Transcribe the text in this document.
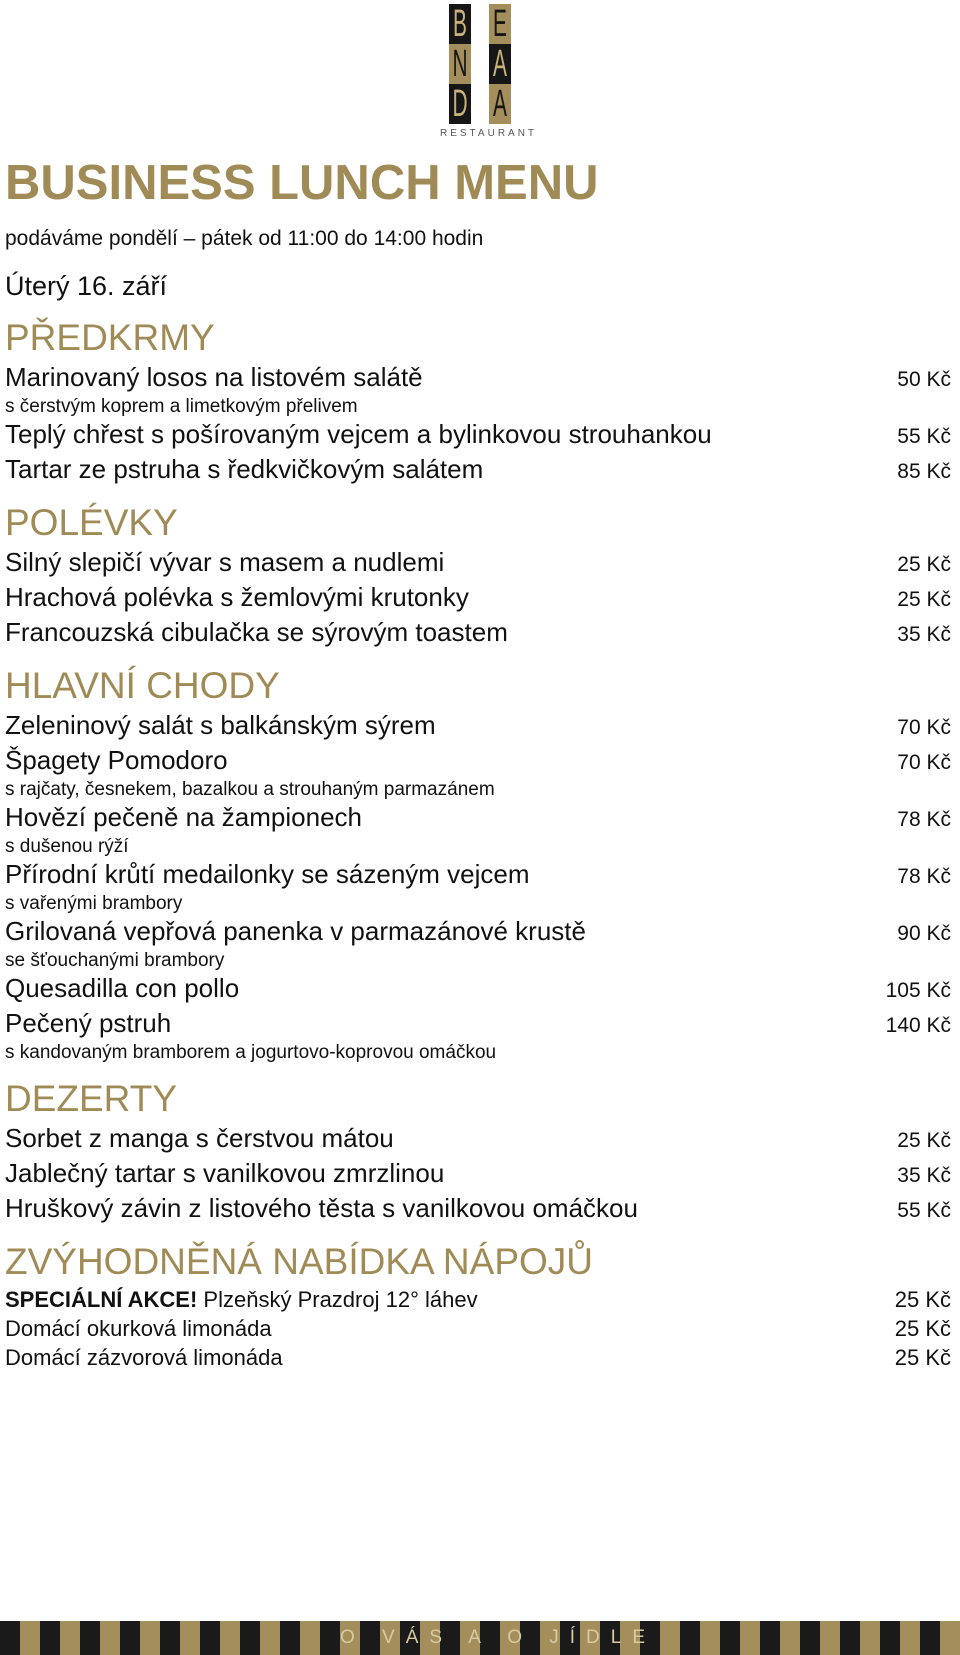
B E
N A
D A
RESTAURANT
BUSINESS LUNCH MENU
podáváme pondělí – pátek od 11:00 do 14:00 hodin
Úterý 16. září
PŘEDKRMY
Marinovaný losos na listovém salátě	50 Kč
s čerstvým koprem a limetkovým přelivem
Teplý chřest s pošírovaným vejcem a bylinkovou strouhankou	55 Kč
Tartar ze pstruha s ředkvičkovým salátem	85 Kč
POLÉVKY
Silný slepičí vývar s masem a nudlemi	25 Kč
Hrachová polévka s žemlovými krutonky	25 Kč
Francouzská cibulačka se sýrovým toastem	35 Kč
HLAVNÍ CHODY
Zeleninový salát s balkánským sýrem	70 Kč
Špagety Pomodoro	70 Kč
s rajčaty, česnekem, bazalkou a strouhaným parmazánem
Hovězí pečeně na žampionech	78 Kč
s dušenou rýží
Přírodní krůtí medailonky se sázeným vejcem	78 Kč
s vařenými brambory
Grilovaná vepřová panenka v parmazánové krustě	90 Kč
se šťouchanými brambory
Quesadilla con pollo	105 Kč
Pečený pstruh	140 Kč
s kandovaným bramborem a jogurtovo-koprovou omáčkou
DEZERTY
Sorbet z manga s čerstvou mátou	25 Kč
Jablečný tartar s vanilkovou zmrzlinou	35 Kč
Hruškový závin z listového těsta s vanilkovou omáčkou	55 Kč
ZVÝHODNĚNÁ NABÍDKA NÁPOJŮ
SPECIÁLNÍ AKCE! Plzeňský Prazdroj 12° láhev	25 Kč
Domácí okurková limonáda	25 Kč
Domácí zázvorová limonáda	25 Kč
O VÁS A O JÍDLE
